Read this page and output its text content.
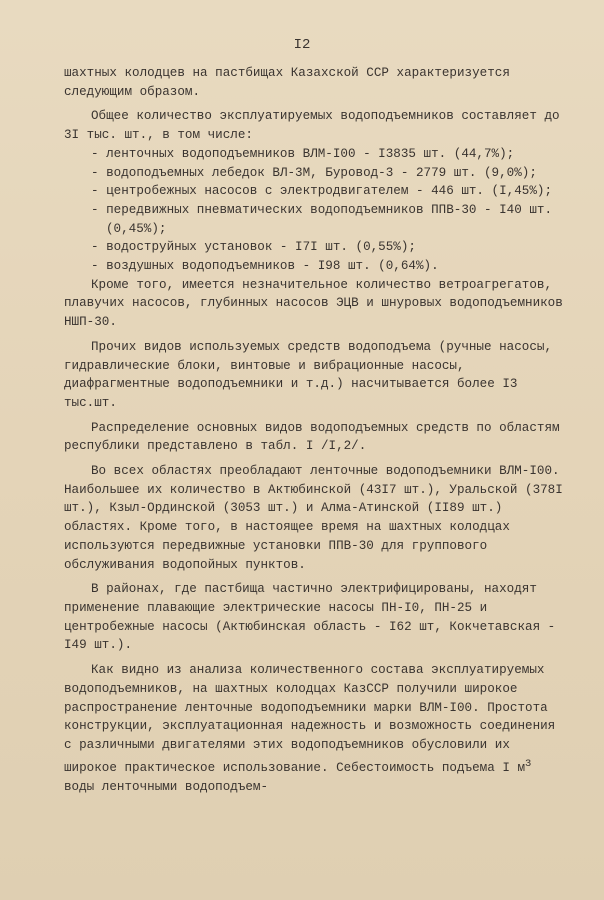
I2

шахтных колодцев на пастбищах Казахской ССР характеризуется следующим образом.

Общее количество эксплуатируемых водоподъемников составляет до 3I тыс. шт., в том числе:

- ленточных водоподъемников ВЛМ-I00 - I3835 шт. (44,7%);
- водоподъемных лебедок ВЛ-3М, Буровод-3 - 2779 шт. (9,0%);
- центробежных насосов с электродвигателем - 446 шт. (I,45%);
- передвижных пневматических водоподъемников ППВ-30 - I40 шт. (0,45%);
- водоструйных установок - I7I шт. (0,55%);
- воздушных водоподъемников - I98 шт. (0,64%).

Кроме того, имеется незначительное количество ветроагрегатов, плавучих насосов, глубинных насосов ЭЦВ и шнуровых водоподъемников НШП-30.

Прочих видов используемых средств водоподъема (ручные насосы, гидравлические блоки, винтовые и вибрационные насосы, диафрагментные водоподъемники и т.д.) насчитывается более I3 тыс.шт.

Распределение основных видов водоподъемных средств по областям республики представлено в табл. I /I,2/.

Во всех областях преобладают ленточные водоподъемники ВЛМ-I00. Наибольшее их количество в Актюбинской (43I7 шт.), Уральской (378I шт.), Кзыл-Ординской (3053 шт.) и Алма-Атинской (II89 шт.) областях. Кроме того, в настоящее время на шахтных колодцах используются передвижные установки ППВ-30 для группового обслуживания водопойных пунктов.

В районах, где пастбища частично электрифицированы, находят применение плавающие электрические насосы ПН-I0, ПН-25 и центробежные насосы (Актюбинская область - I62 шт, Кокчетавская - I49 шт.).

Как видно из анализа количественного состава эксплуатируемых водоподъемников, на шахтных колодцах КазССР получили широкое распространение ленточные водоподъемники марки ВЛМ-I00. Простота конструкции, эксплуатационная надежность и возможность соединения с различными двигателями этих водоподъемников обусловили их широкое практическое использование. Себестоимость подъема I $м^3$ воды ленточными водоподъем-
